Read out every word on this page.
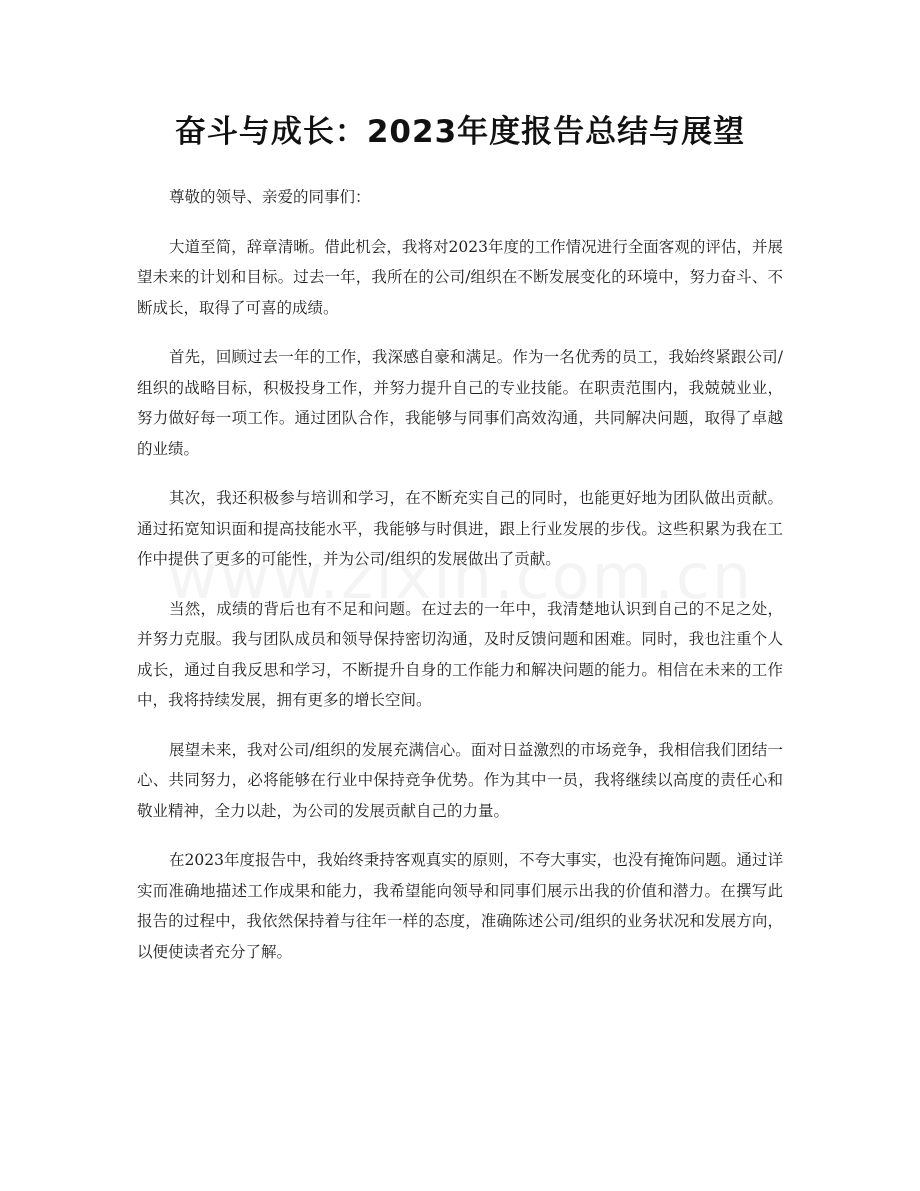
奋斗与成长：2023年度报告总结与展望

尊敬的领导、亲爱的同事们：

大道至简，辞章清晰。借此机会，我将对2023年度的工作情况进行全面客观的评估，并展望未来的计划和目标。过去一年，我所在的公司/组织在不断发展变化的环境中，努力奋斗、不断成长，取得了可喜的成绩。

首先，回顾过去一年的工作，我深感自豪和满足。作为一名优秀的员工，我始终紧跟公司/组织的战略目标，积极投身工作，并努力提升自己的专业技能。在职责范围内，我兢兢业业，努力做好每一项工作。通过团队合作，我能够与同事们高效沟通，共同解决问题，取得了卓越的业绩。

其次，我还积极参与培训和学习，在不断充实自己的同时，也能更好地为团队做出贡献。通过拓宽知识面和提高技能水平，我能够与时俱进，跟上行业发展的步伐。这些积累为我在工作中提供了更多的可能性，并为公司/组织的发展做出了贡献。

当然，成绩的背后也有不足和问题。在过去的一年中，我清楚地认识到自己的不足之处，并努力克服。我与团队成员和领导保持密切沟通，及时反馈问题和困难。同时，我也注重个人成长，通过自我反思和学习，不断提升自身的工作能力和解决问题的能力。相信在未来的工作中，我将持续发展，拥有更多的增长空间。

展望未来，我对公司/组织的发展充满信心。面对日益激烈的市场竞争，我相信我们团结一心、共同努力，必将能够在行业中保持竞争优势。作为其中一员，我将继续以高度的责任心和敬业精神，全力以赴，为公司的发展贡献自己的力量。

在2023年度报告中，我始终秉持客观真实的原则，不夸大事实，也没有掩饰问题。通过详实而准确地描述工作成果和能力，我希望能向领导和同事们展示出我的价值和潜力。在撰写此报告的过程中，我依然保持着与往年一样的态度，准确陈述公司/组织的业务状况和发展方向，以便使读者充分了解。
